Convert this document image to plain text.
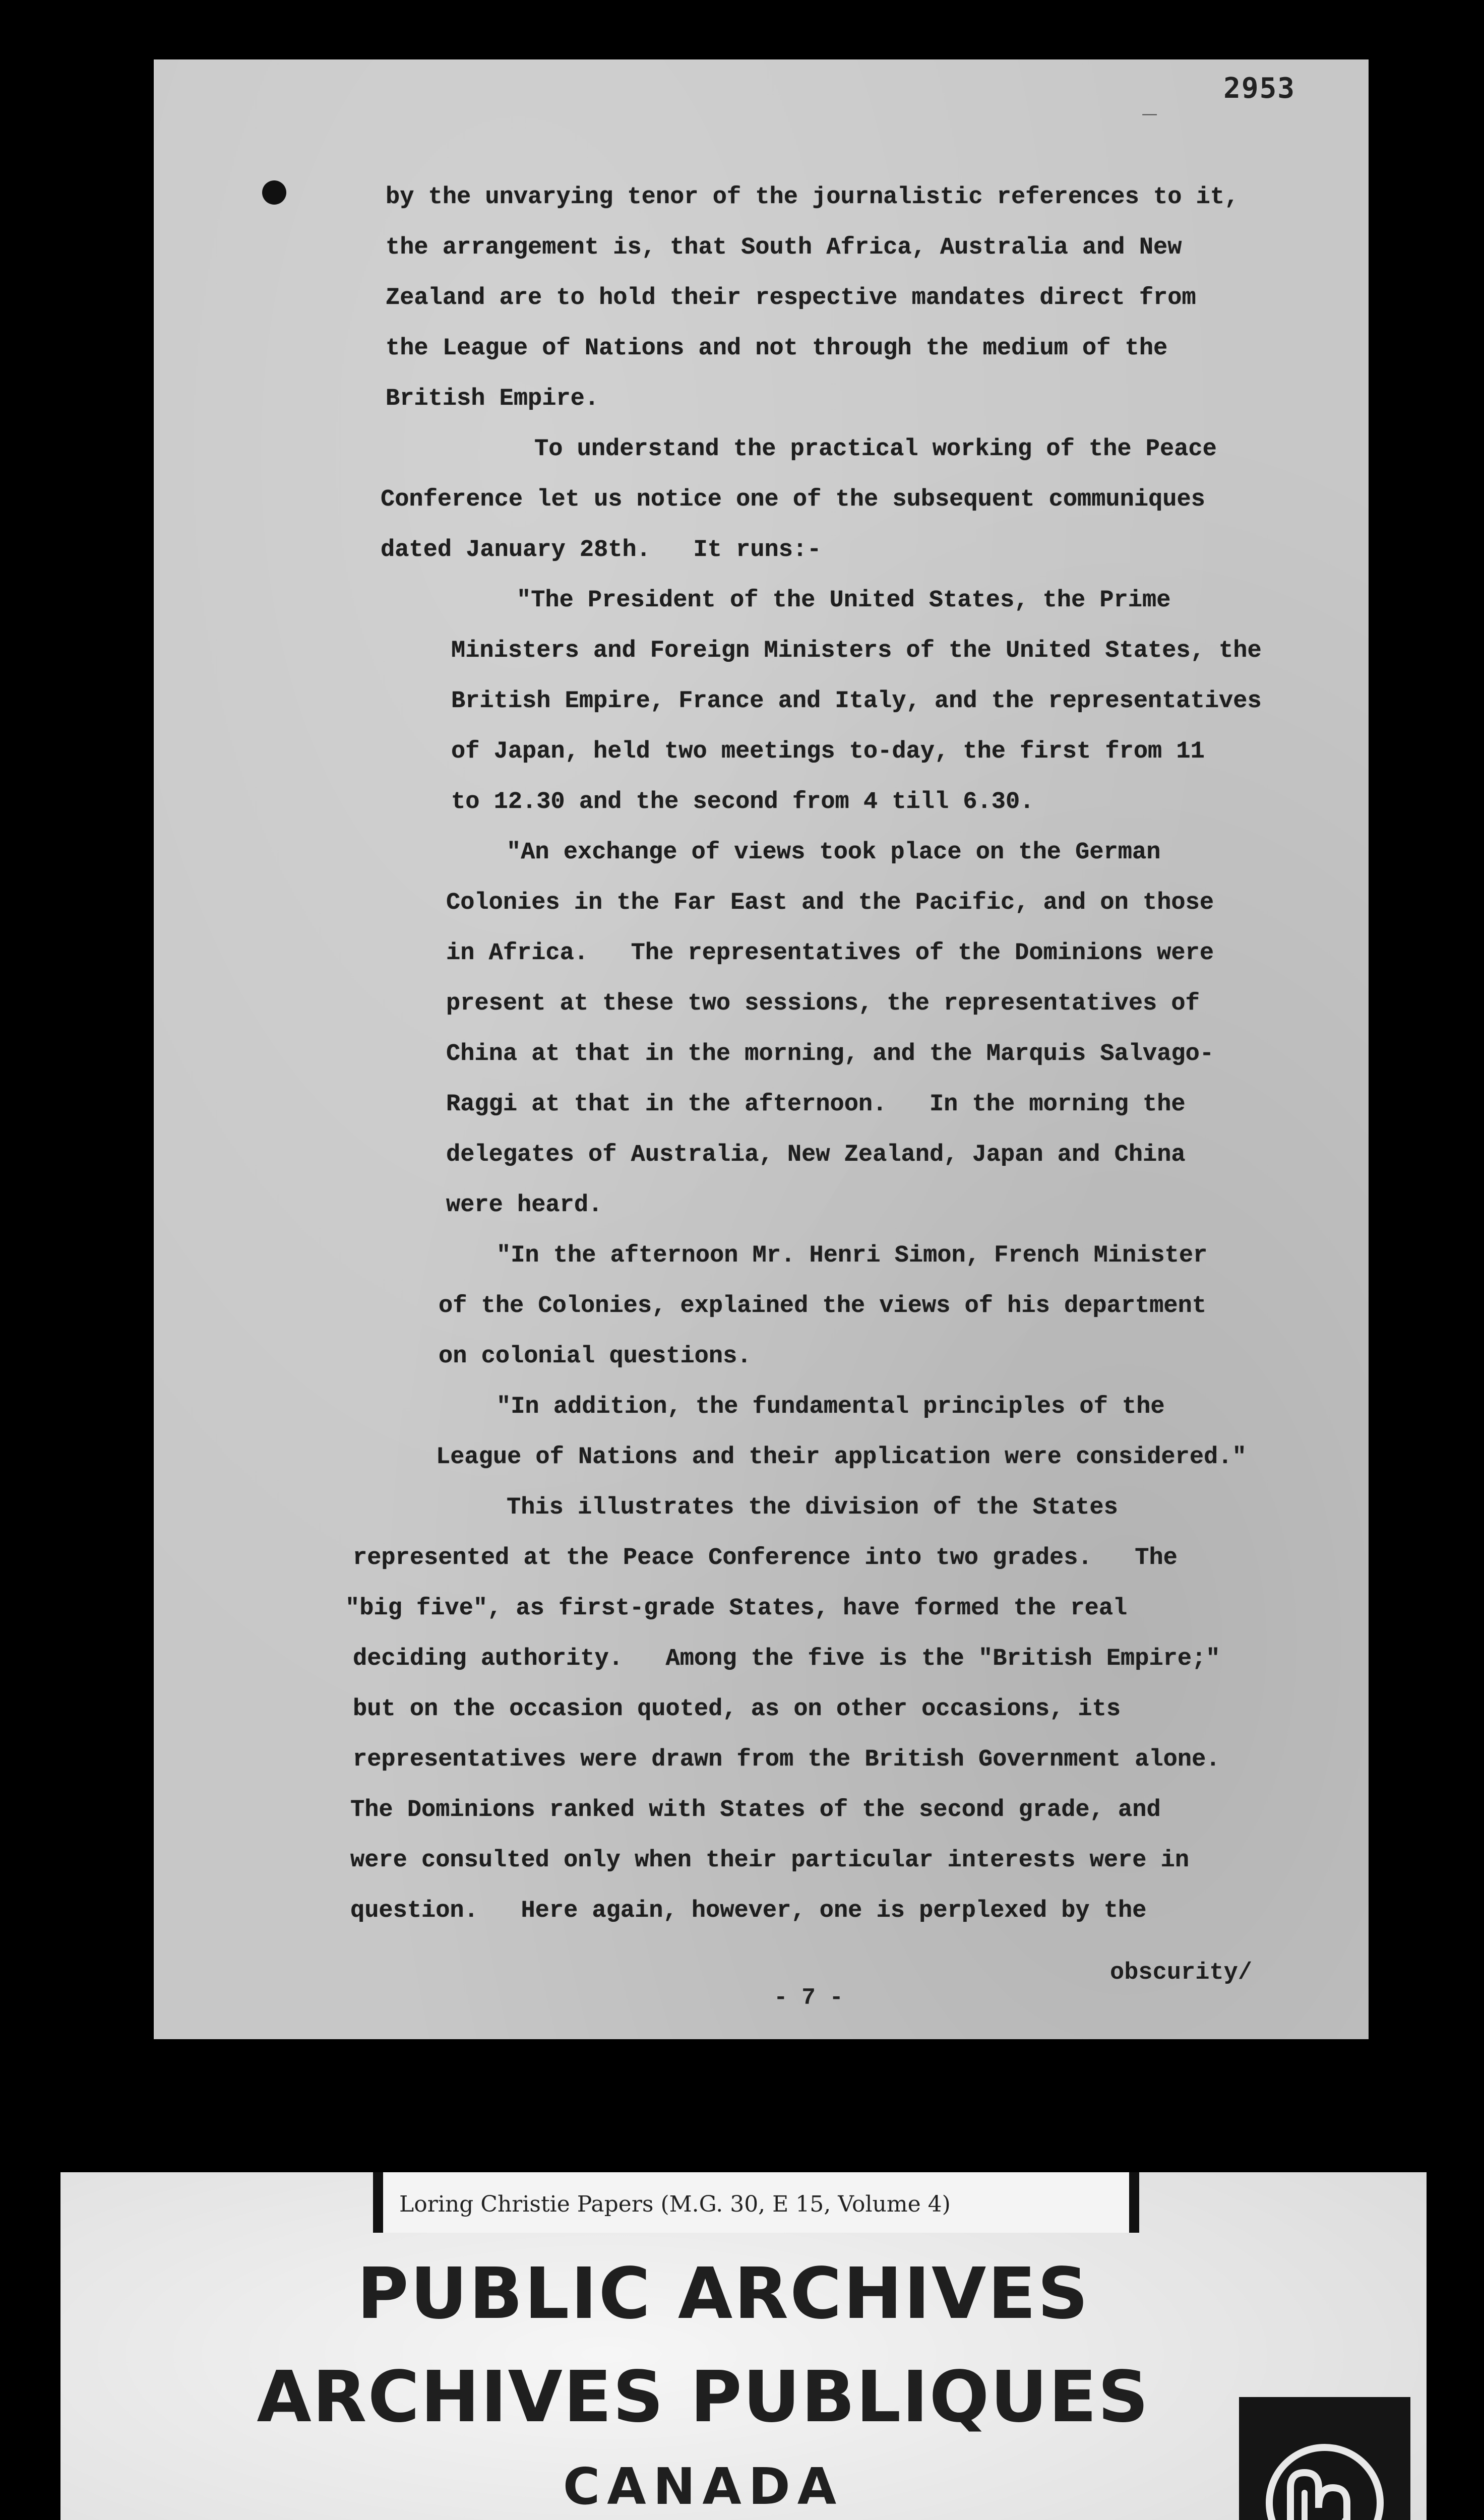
_ 2953
by the unvarying tenor of the journalistic references to it,
the arrangement is, that South Africa, Australia and New
Zealand are to hold their respective mandates direct from
the League of Nations and not through the medium of the
British Empire.
To understand the practical working of the Peace
Conference let us notice one of the subsequent communiques
dated January 28th.   It runs:-
"The President of the United States, the Prime
Ministers and Foreign Ministers of the United States, the
British Empire, France and Italy, and the representatives
of Japan, held two meetings to-day, the first from 11
to 12.30 and the second from 4 till 6.30.
"An exchange of views took place on the German
Colonies in the Far East and the Pacific, and on those
in Africa.   The representatives of the Dominions were
present at these two sessions, the representatives of
China at that in the morning, and the Marquis Salvago-
Raggi at that in the afternoon.   In the morning the
delegates of Australia, New Zealand, Japan and China
were heard.
"In the afternoon Mr. Henri Simon, French Minister
of the Colonies, explained the views of his department
on colonial questions.
"In addition, the fundamental principles of the
League of Nations and their application were considered."
This illustrates the division of the States
represented at the Peace Conference into two grades.   The
"big five", as first-grade States, have formed the real
deciding authority.   Among the five is the "British Empire;"
but on the occasion quoted, as on other occasions, its
representatives were drawn from the British Government alone.
The Dominions ranked with States of the second grade, and
were consulted only when their particular interests were in
question.   Here again, however, one is perplexed by the
obscurity/
- 7 -
Loring Christie Papers (M.G. 30, E 15, Volume 4)
PUBLIC ARCHIVES
ARCHIVES PUBLIQUES
CANADA
